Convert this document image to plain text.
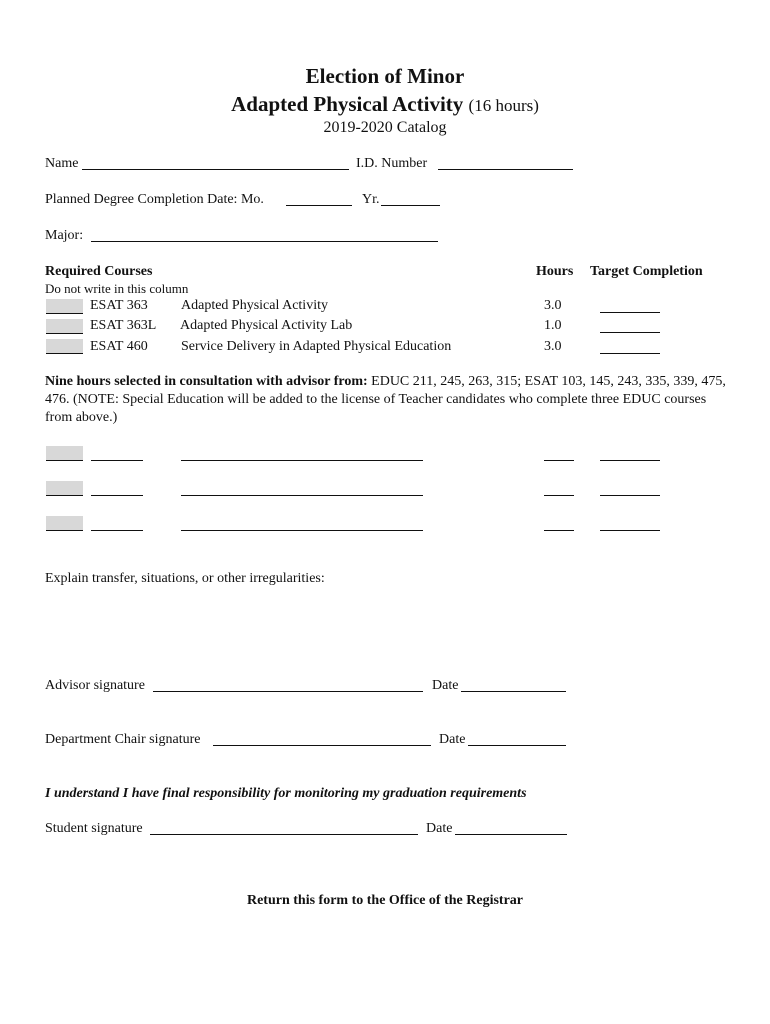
Election of Minor
Adapted Physical Activity (16 hours)
2019-2020 Catalog
Name	I.D. Number
Planned Degree Completion Date: Mo.	Yr.
Major:
Required Courses	Hours Target Completion
Do not write in this column
ESAT 363 Adapted Physical Activity	3.0
ESAT 363L Adapted Physical Activity Lab	1.0
ESAT 460 Service Delivery in Adapted Physical Education	3.0
Nine hours selected in consultation with advisor from: EDUC 211, 245, 263, 315; ESAT 103, 145, 243, 335, 339, 475, 476. (NOTE: Special Education will be added to the license of Teacher candidates who complete three EDUC courses from above.)
Explain transfer, situations, or other irregularities:
Advisor signature	Date
Department Chair signature	Date
I understand I have final responsibility for monitoring my graduation requirements
Student signature	Date
Return this form to the Office of the Registrar
